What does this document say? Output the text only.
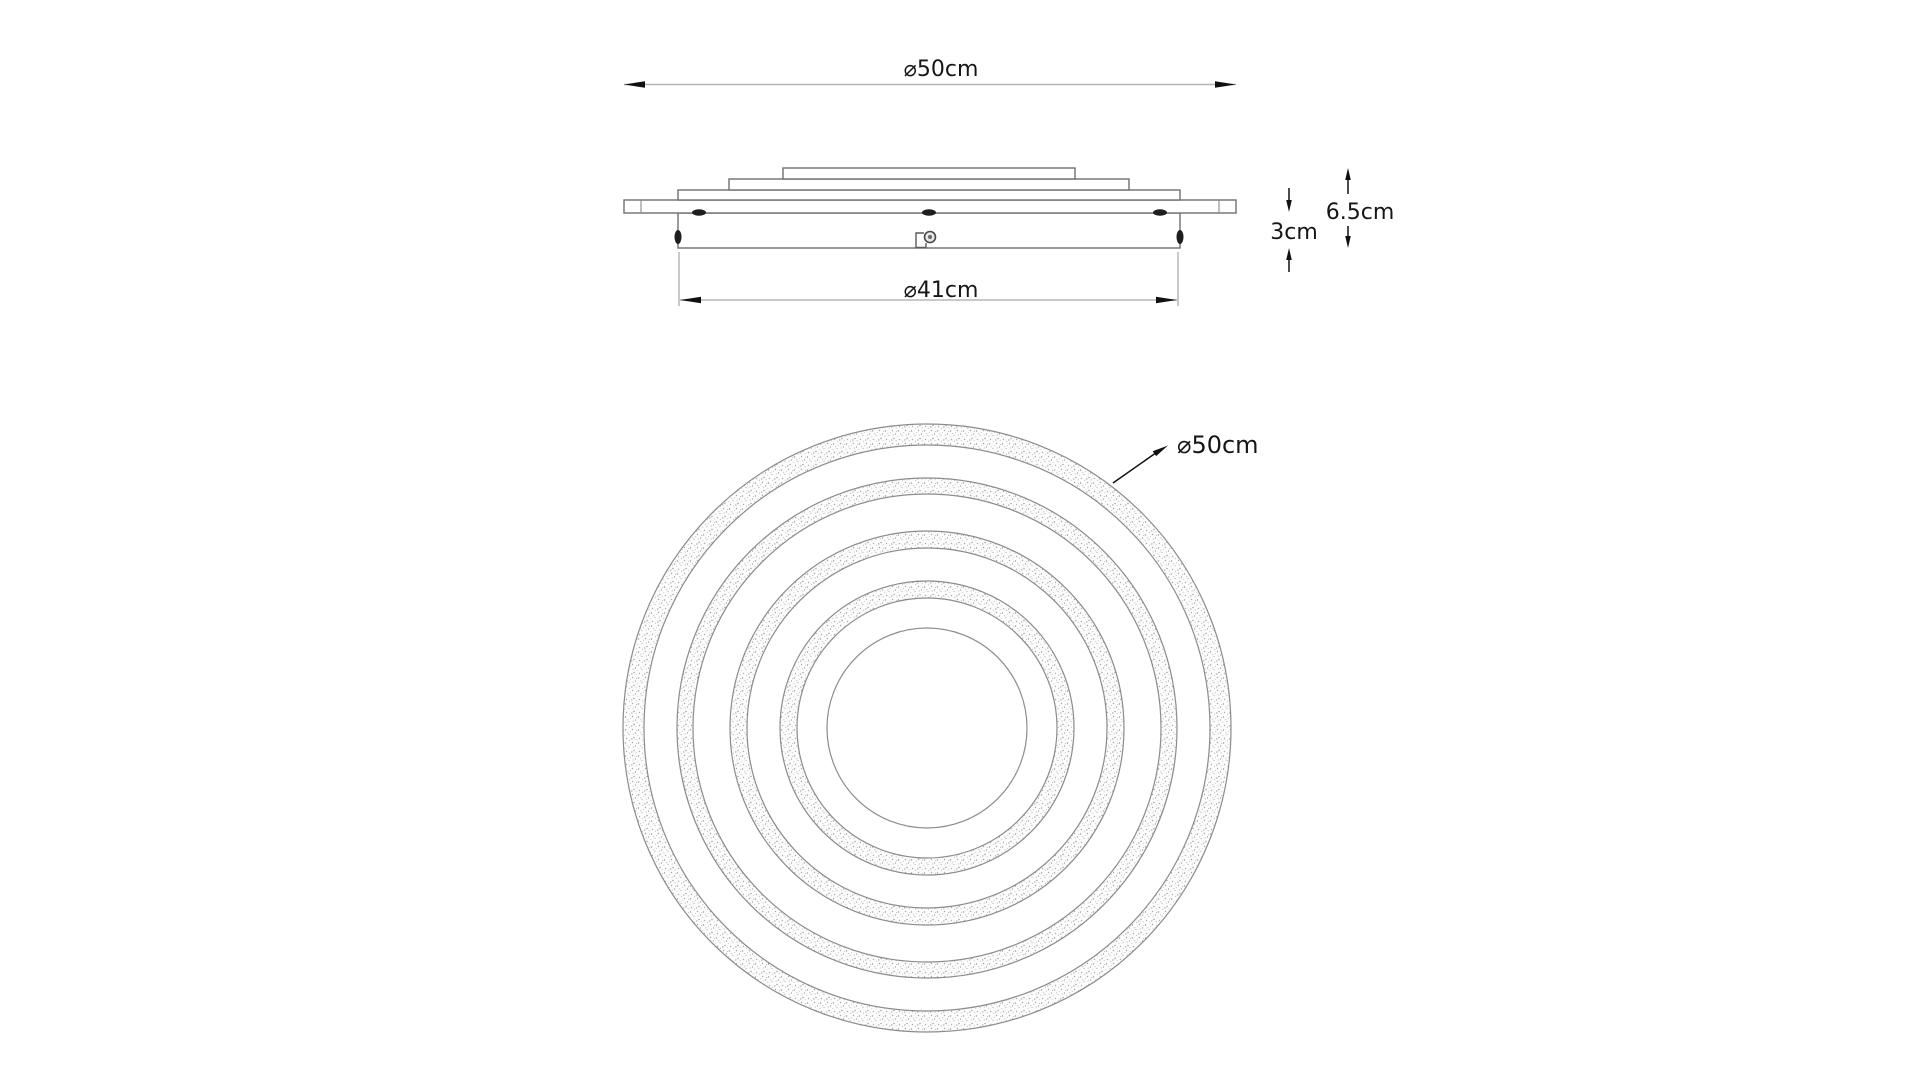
⌀50cm
⌀41cm
3cm
6.5cm
⌀50cm
